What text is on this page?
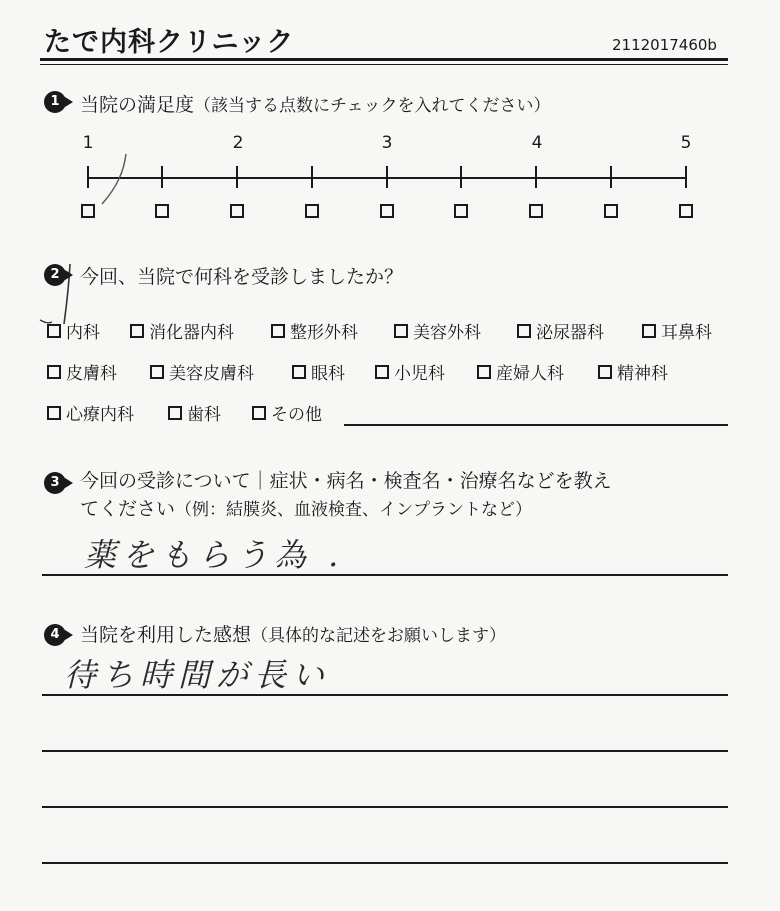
たで内科クリニック	2112017460b
1	当院の満足度（該当する点数にチェックを入れてください）
1	2	3	4	5
2	今回、当院で何科を受診しましたか？
内科	消化器内科	整形外科	美容外科	泌尿器科	耳鼻科
皮膚科	美容皮膚科	眼科	小児科	産婦人科	精神科
心療内科	歯科	その他
3	今回の受診について｜症状・病名・検査名・治療名などを教え
てください（例：結膜炎、血液検査、インプラントなど）
薬をもらう為 .
4	当院を利用した感想（具体的な記述をお願いします）
待ち時間が長い
